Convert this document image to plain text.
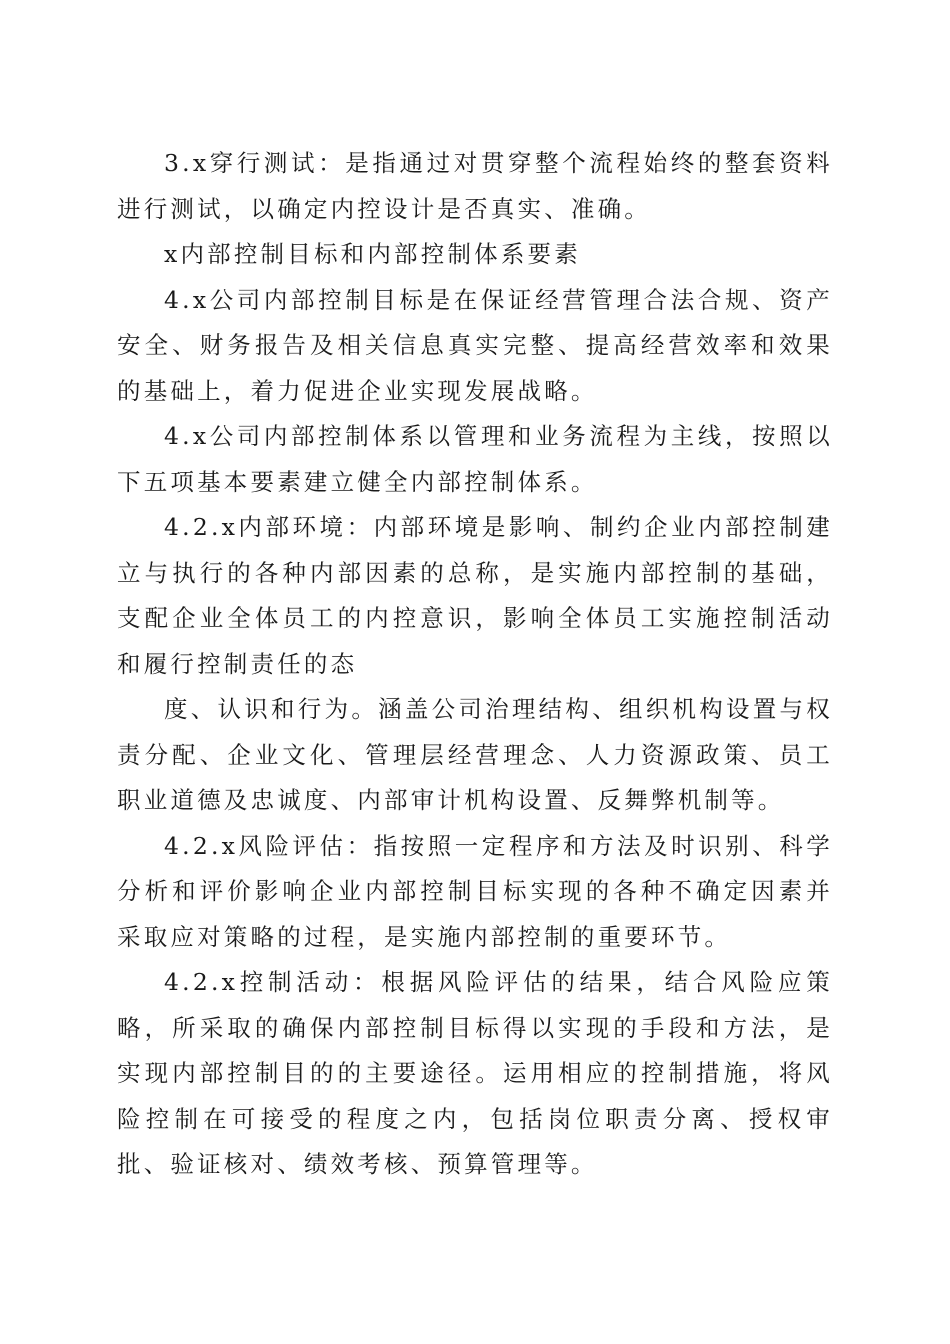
3.x穿行测试：是指通过对贯穿整个流程始终的整套资料进行测试，以确定内控设计是否真实、准确。

x内部控制目标和内部控制体系要素

4.x公司内部控制目标是在保证经营管理合法合规、资产安全、财务报告及相关信息真实完整、提高经营效率和效果的基础上，着力促进企业实现发展战略。

4.x公司内部控制体系以管理和业务流程为主线，按照以下五项基本要素建立健全内部控制体系。

4.2.x内部环境：内部环境是影响、制约企业内部控制建立与执行的各种内部因素的总称，是实施内部控制的基础，支配企业全体员工的内控意识，影响全体员工实施控制活动和履行控制责任的态

度、认识和行为。涵盖公司治理结构、组织机构设置与权责分配、企业文化、管理层经营理念、人力资源政策、员工职业道德及忠诚度、内部审计机构设置、反舞弊机制等。

4.2.x风险评估：指按照一定程序和方法及时识别、科学分析和评价影响企业内部控制目标实现的各种不确定因素并采取应对策略的过程，是实施内部控制的重要环节。

4.2.x控制活动：根据风险评估的结果，结合风险应策略，所采取的确保内部控制目标得以实现的手段和方法，是实现内部控制目的的主要途径。运用相应的控制措施，将风险控制在可接受的程度之内，包括岗位职责分离、授权审批、验证核对、绩效考核、预算管理等。
